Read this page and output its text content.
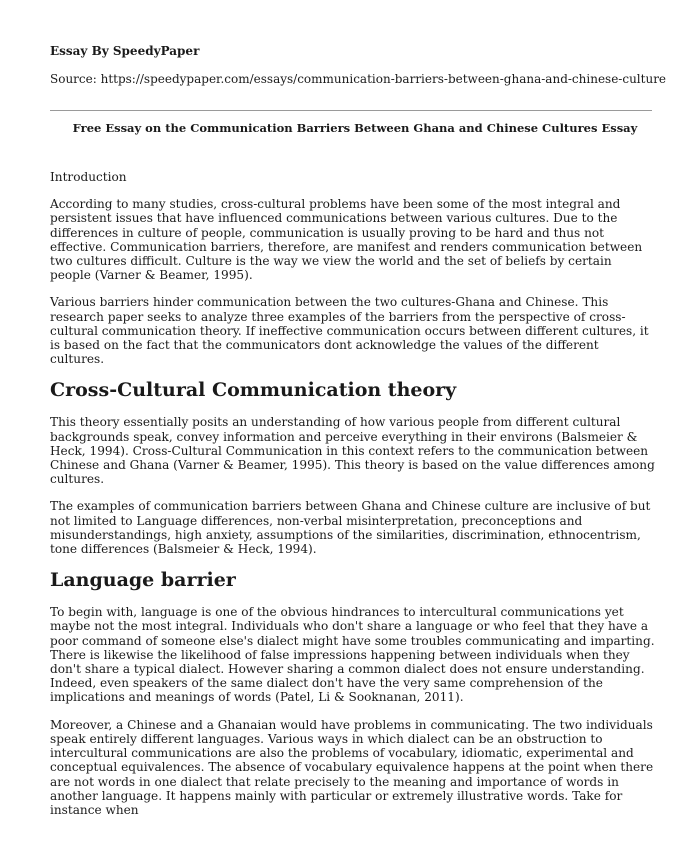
Essay By SpeedyPaper
Source: https://speedypaper.com/essays/communication-barriers-between-ghana-and-chinese-culture
Free Essay on the Communication Barriers Between Ghana and Chinese Cultures Essay

Introduction

According to many studies, cross-cultural problems have been some of the most integral and persistent issues that have influenced communications between various cultures. Due to the differences in culture of people, communication is usually proving to be hard and thus not effective. Communication barriers, therefore, are manifest and renders communication between two cultures difficult. Culture is the way we view the world and the set of beliefs by certain people (Varner & Beamer, 1995).

Various barriers hinder communication between the two cultures-Ghana and Chinese. This research paper seeks to analyze three examples of the barriers from the perspective of cross-cultural communication theory. If ineffective communication occurs between different cultures, it is based on the fact that the communicators dont acknowledge the values of the different cultures.

Cross-Cultural Communication theory

This theory essentially posits an understanding of how various people from different cultural backgrounds speak, convey information and perceive everything in their environs (Balsmeier & Heck, 1994). Cross-Cultural Communication in this context refers to the communication between Chinese and Ghana (Varner & Beamer, 1995). This theory is based on the value differences among cultures.

The examples of communication barriers between Ghana and Chinese culture are inclusive of but not limited to Language differences, non-verbal misinterpretation, preconceptions and misunderstandings, high anxiety, assumptions of the similarities, discrimination, ethnocentrism, tone differences (Balsmeier & Heck, 1994).

Language barrier

To begin with, language is one of the obvious hindrances to intercultural communications yet maybe not the most integral. Individuals who don't share a language or who feel that they have a poor command of someone else's dialect might have some troubles communicating and imparting. There is likewise the likelihood of false impressions happening between individuals when they don't share a typical dialect. However sharing a common dialect does not ensure understanding. Indeed, even speakers of the same dialect don't have the very same comprehension of the implications and meanings of words (Patel, Li & Sooknanan, 2011).

Moreover, a Chinese and a Ghanaian would have problems in communicating. The two individuals speak entirely different languages. Various ways in which dialect can be an obstruction to intercultural communications are also the problems of vocabulary, idiomatic, experimental and conceptual equivalences. The absence of vocabulary equivalence happens at the point when there are not words in one dialect that relate precisely to the meaning and importance of words in another language. It happens mainly with particular or extremely illustrative words. Take for instance when
